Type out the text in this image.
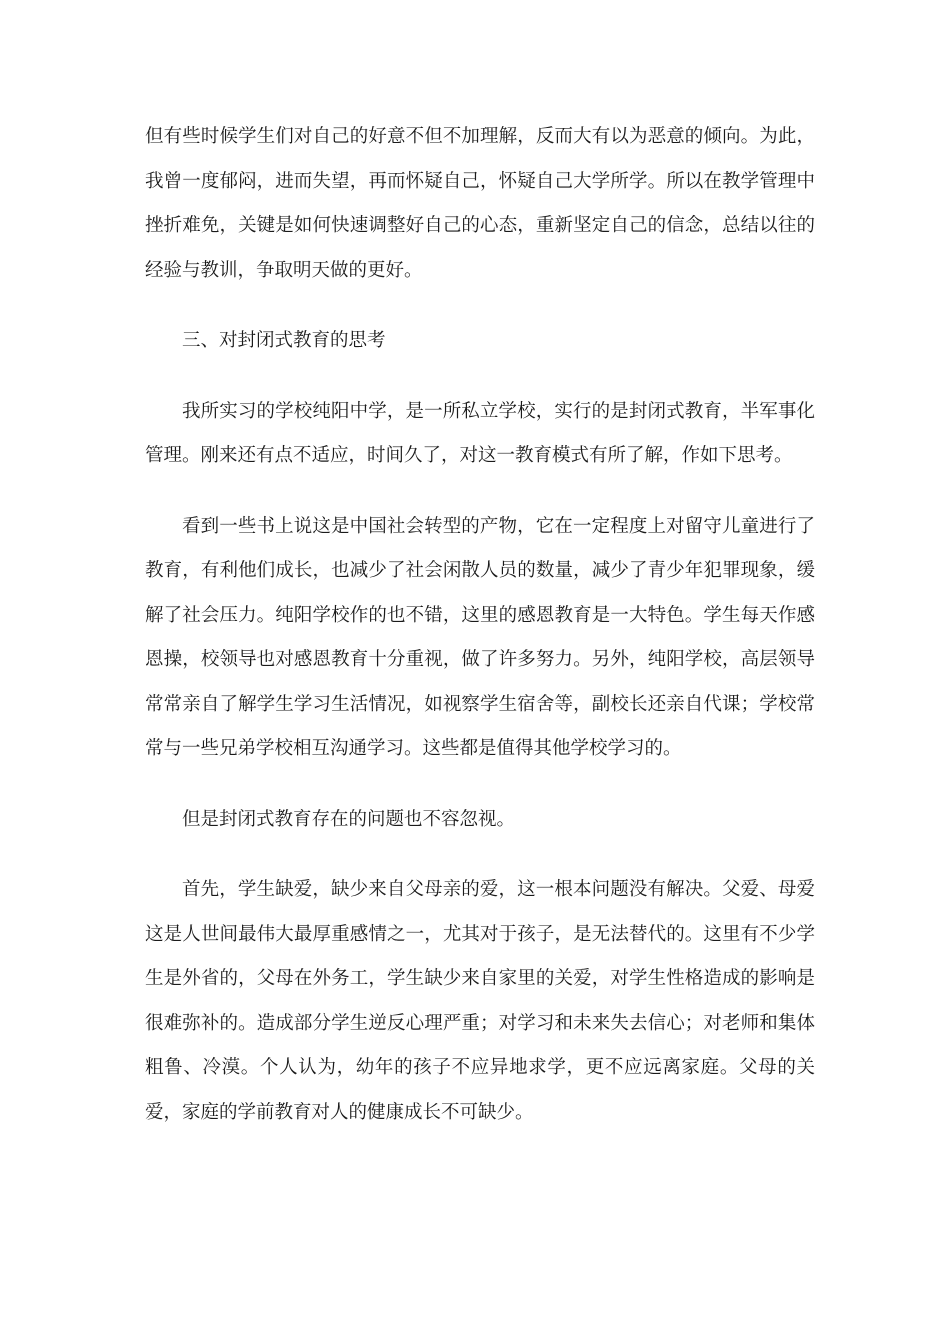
但有些时候学生们对自己的好意不但不加理解，反而大有以为恶意的倾向。为此，我曾一度郁闷，进而失望，再而怀疑自己，怀疑自己大学所学。所以在教学管理中挫折难免，关键是如何快速调整好自己的心态，重新坚定自己的信念，总结以往的经验与教训，争取明天做的更好。

三、对封闭式教育的思考

我所实习的学校纯阳中学，是一所私立学校，实行的是封闭式教育，半军事化管理。刚来还有点不适应，时间久了，对这一教育模式有所了解，作如下思考。

看到一些书上说这是中国社会转型的产物，它在一定程度上对留守儿童进行了教育，有利他们成长，也减少了社会闲散人员的数量，减少了青少年犯罪现象，缓解了社会压力。纯阳学校作的也不错，这里的感恩教育是一大特色。学生每天作感恩操，校领导也对感恩教育十分重视，做了许多努力。另外，纯阳学校，高层领导常常亲自了解学生学习生活情况，如视察学生宿舍等，副校长还亲自代课；学校常常与一些兄弟学校相互沟通学习。这些都是值得其他学校学习的。

但是封闭式教育存在的问题也不容忽视。

首先，学生缺爱，缺少来自父母亲的爱，这一根本问题没有解决。父爱、母爱这是人世间最伟大最厚重感情之一，尤其对于孩子，是无法替代的。这里有不少学生是外省的，父母在外务工，学生缺少来自家里的关爱，对学生性格造成的影响是很难弥补的。造成部分学生逆反心理严重；对学习和未来失去信心；对老师和集体粗鲁、冷漠。个人认为，幼年的孩子不应异地求学，更不应远离家庭。父母的关爱，家庭的学前教育对人的健康成长不可缺少。
